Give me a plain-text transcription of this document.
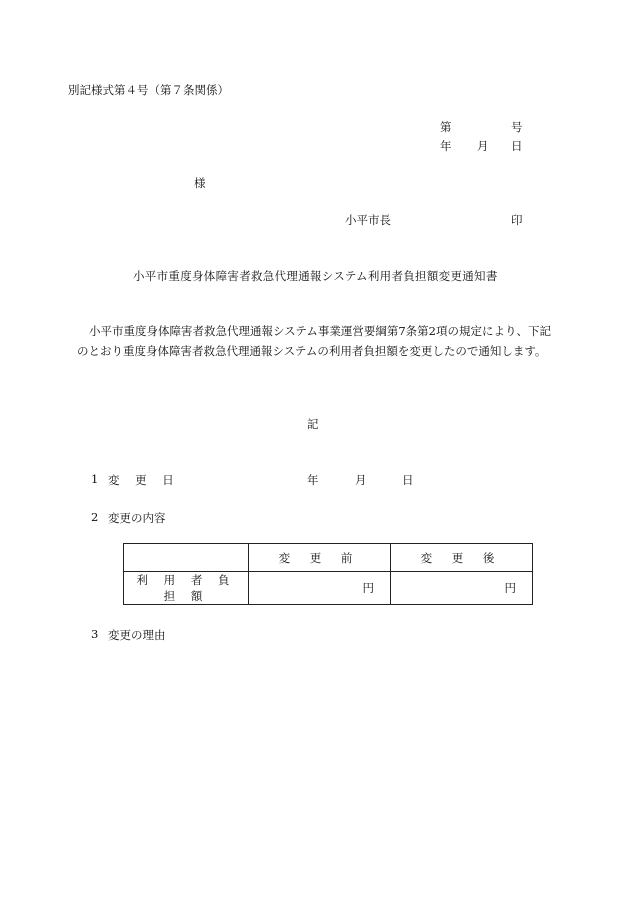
別記様式第４号（第７条関係）
第	号
年 月 日
様
小平市長	印
小平市重度身体障害者救急代理通報システム利用者負担額変更通知書
小平市重度身体障害者救急代理通報システム事業運営要綱第7条第2項の規定により、下記のとおり重度身体障害者救急代理通報システムの利用者負担額を変更したので通知します。
記
1 変 更 日	年	月	日
2 変更の内容
	変 更 前	変 更 後
利 用 者 負 担 額	円	円
3 変更の理由
